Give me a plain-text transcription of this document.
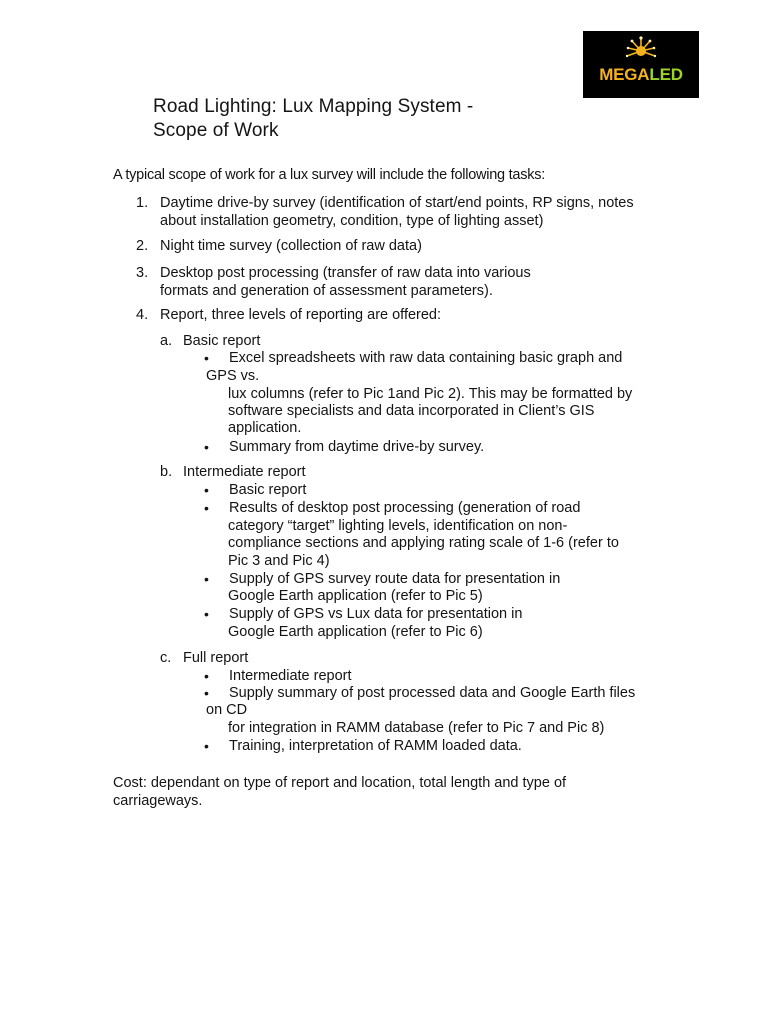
MEGALED
Road Lighting: Lux Mapping System -
Scope of Work
A typical scope of work for a lux survey will include the following tasks:
1. Daytime drive-by survey (identification of start/end points, RP signs, notes
about installation geometry, condition, type of lighting asset)
2. Night time survey (collection of raw data)
3. Desktop post processing (transfer of raw data into various
formats and generation of assessment parameters).
4. Report, three levels of reporting are offered:
a. Basic report
• Excel spreadsheets with raw data containing basic graph and
GPS vs.
lux columns (refer to Pic 1and Pic 2). This may be formatted by
software specialists and data incorporated in Client’s GIS
application.
• Summary from daytime drive-by survey.
b. Intermediate report
• Basic report
• Results of desktop post processing (generation of road
category “target” lighting levels, identification on non-
compliance sections and applying rating scale of 1-6 (refer to
Pic 3 and Pic 4)
• Supply of GPS survey route data for presentation in
Google Earth application (refer to Pic 5)
• Supply of GPS vs Lux data for presentation in
Google Earth application (refer to Pic 6)
c. Full report
• Intermediate report
• Supply summary of post processed data and Google Earth files
on CD
for integration in RAMM database (refer to Pic 7 and Pic 8)
• Training, interpretation of RAMM loaded data.
Cost: dependant on type of report and location, total length and type of
carriageways.
